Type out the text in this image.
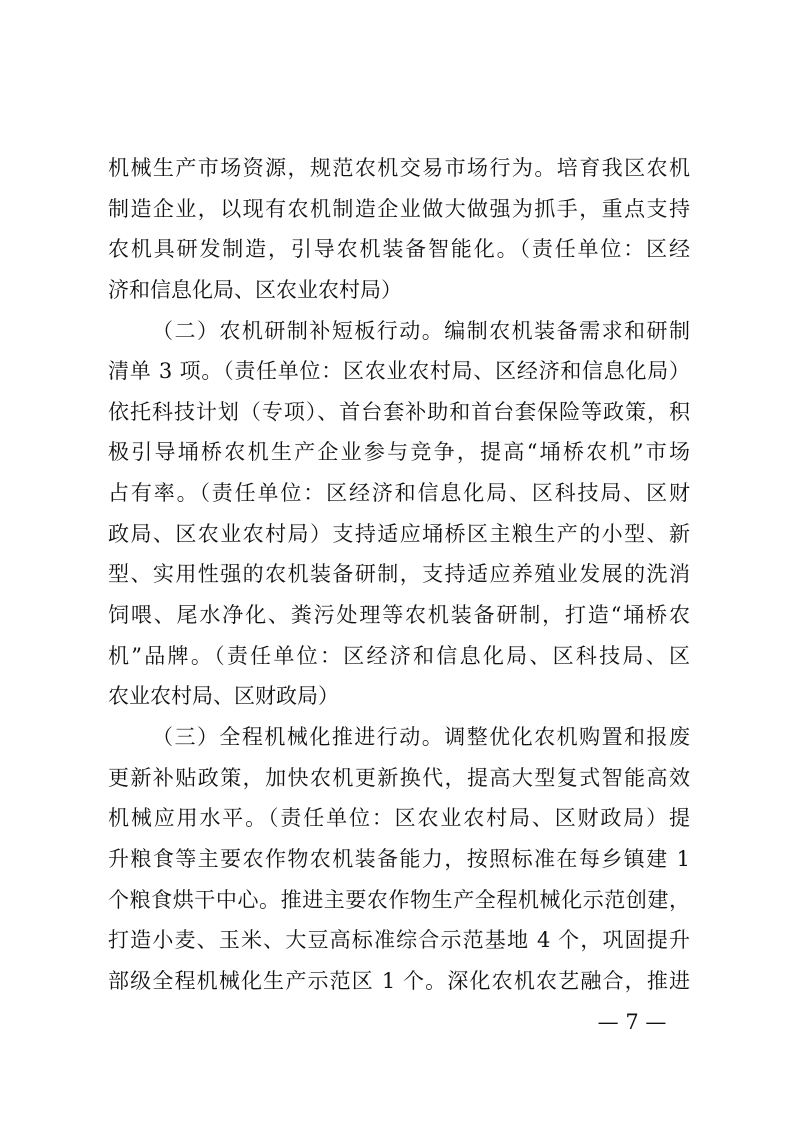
机械生产市场资源，规范农机交易市场行为。培育我区农机
制造企业，以现有农机制造企业做大做强为抓手，重点支持
农机具研发制造，引导农机装备智能化。（责任单位：区经
济和信息化局、区农业农村局）
（二）农机研制补短板行动。编制农机装备需求和研制
清单 3 项。（责任单位：区农业农村局、区经济和信息化局）
依托科技计划（专项）、首台套补助和首台套保险等政策，积
极引导埇桥农机生产企业参与竞争，提高“埇桥农机”市场
占有率。（责任单位：区经济和信息化局、区科技局、区财
政局、区农业农村局）支持适应埇桥区主粮生产的小型、新
型、实用性强的农机装备研制，支持适应养殖业发展的洗消
饲喂、尾水净化、粪污处理等农机装备研制，打造“埇桥农
机”品牌。（责任单位：区经济和信息化局、区科技局、区
农业农村局、区财政局）
（三）全程机械化推进行动。调整优化农机购置和报废
更新补贴政策，加快农机更新换代，提高大型复式智能高效
机械应用水平。（责任单位：区农业农村局、区财政局）提
升粮食等主要农作物农机装备能力，按照标准在每乡镇建 1
个粮食烘干中心。推进主要农作物生产全程机械化示范创建，
打造小麦、玉米、大豆高标准综合示范基地 4 个，巩固提升
部级全程机械化生产示范区 1 个。深化农机农艺融合，推进
— 7 —
